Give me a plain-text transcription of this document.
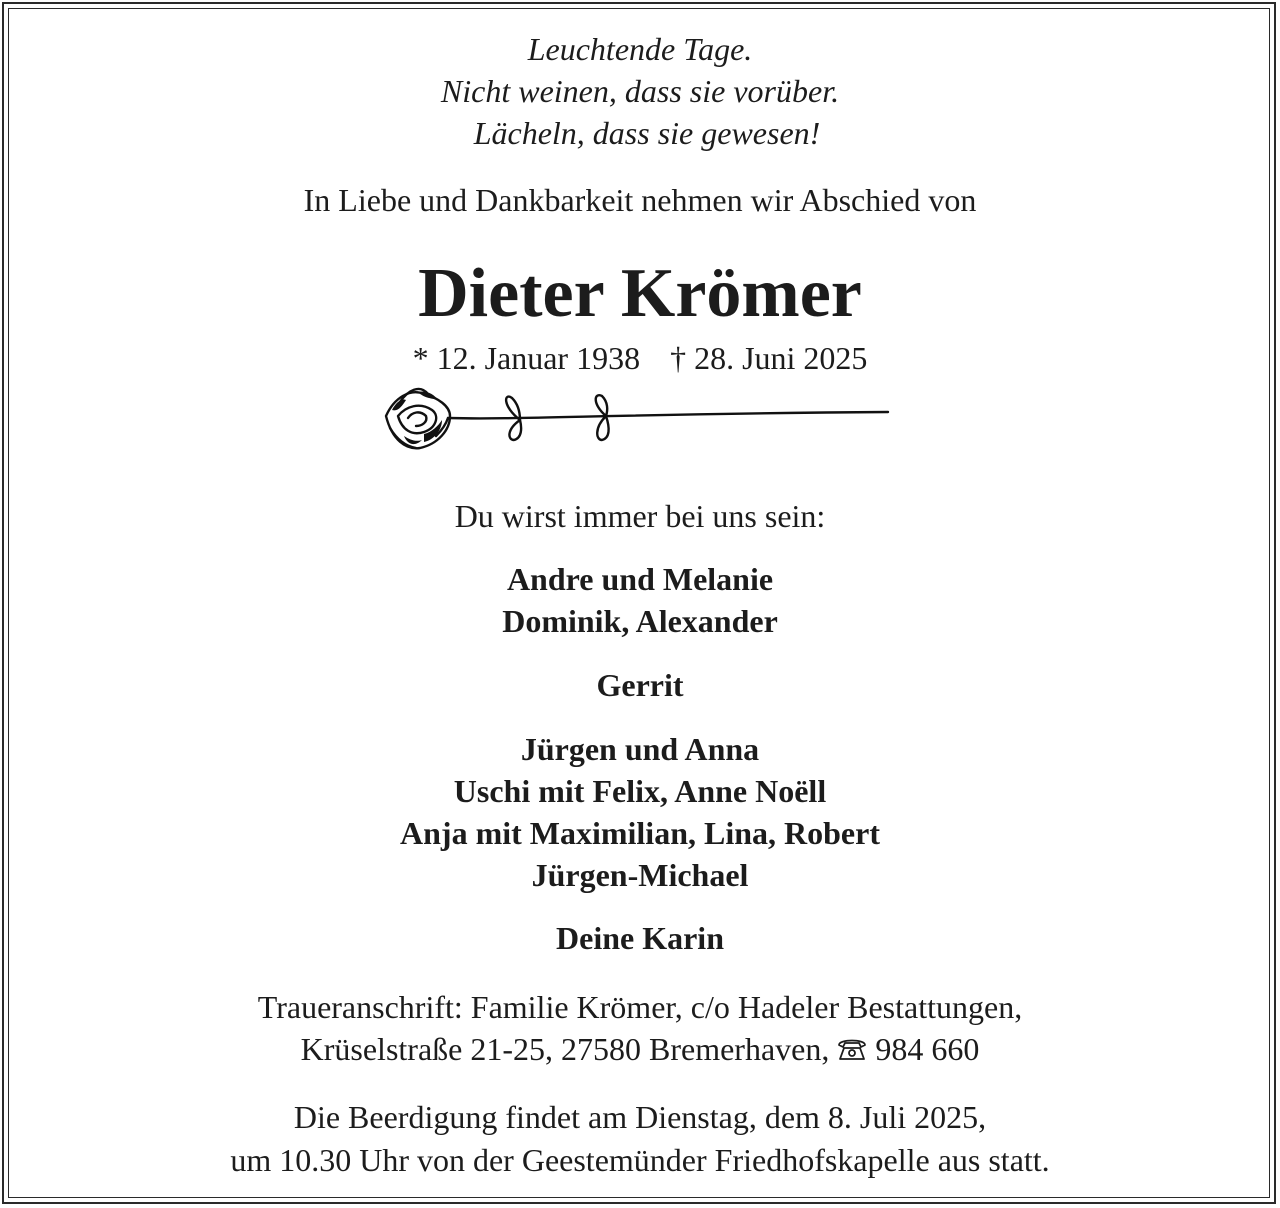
Leuchtende Tage.
Nicht weinen, dass sie vorüber.
Lächeln, dass sie gewesen!
In Liebe und Dankbarkeit nehmen wir Abschied von
Dieter Krömer
* 12. Januar 1938 † 28. Juni 2025
Du wirst immer bei uns sein:
Andre und Melanie
Dominik, Alexander
Gerrit
Jürgen und Anna
Uschi mit Felix, Anne Noëll
Anja mit Maximilian, Lina, Robert
Jürgen-Michael
Deine Karin
Traueranschrift: Familie Krömer, c/o Hadeler Bestattungen,
Krüselstraße 21-25, 27580 Bremerhaven, 984 660
Die Beerdigung findet am Dienstag, dem 8. Juli 2025,
um 10.30 Uhr von der Geestemünder Friedhofskapelle aus statt.
